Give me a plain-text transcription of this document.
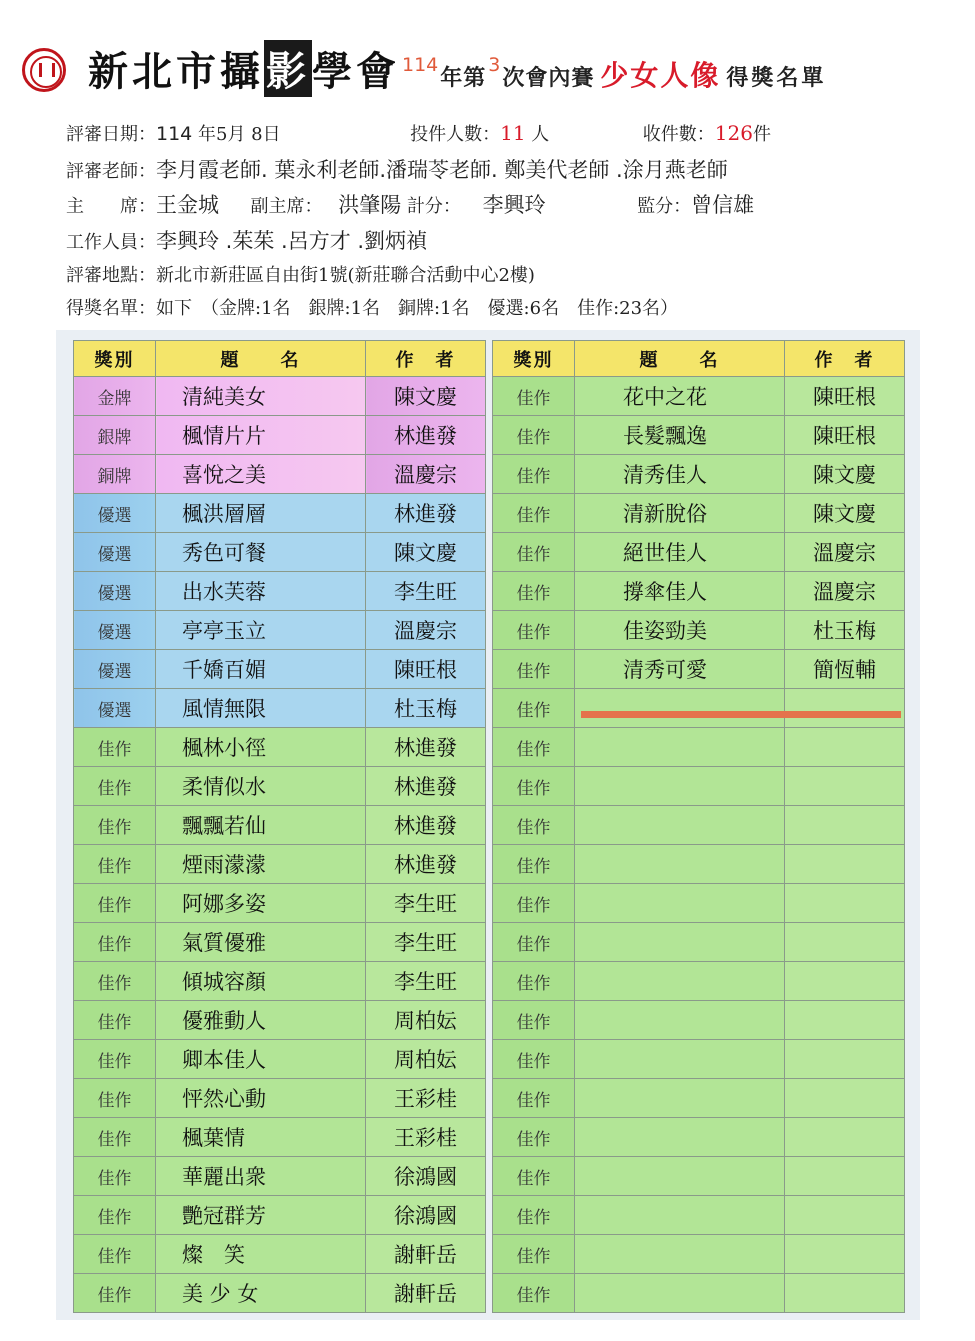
新北市攝影學會 114
年第
3
次會內賽 少女人像 得獎名單
評審日期：114 年5月 8日	投件人數：11 人	收件數：126件
評審老師：李月霞老師. 葉永利老師.潘瑞苓老師. 鄭美代老師 .涂月燕老師
主　　席：王金城 副主席： 洪肇陽 計分： 李興玲	監分：曾信雄
工作人員：李興玲 .茱茱 .呂方才 .劉炳禎
評審地點：新北市新莊區自由街1號(新莊聯合活動中心2樓)
得獎名單：如下　（金牌:1名　銀牌:1名　銅牌:1名　優選:6名　佳作:23名）
獎別	題　　名	作　者
金牌	清純美女	陳文慶
銀牌	楓情片片	林進發
銅牌	喜悅之美	溫慶宗
優選	楓洪層層	林進發
優選	秀色可餐	陳文慶
優選	出水芙蓉	李生旺
優選	亭亭玉立	溫慶宗
優選	千嬌百媚	陳旺根
優選	風情無限	杜玉梅
佳作	楓林小徑	林進發
佳作	柔情似水	林進發
佳作	飄飄若仙	林進發
佳作	煙雨濛濛	林進發
佳作	阿娜多姿	李生旺
佳作	氣質優雅	李生旺
佳作	傾城容顏	李生旺
佳作	優雅動人	周柏妘
佳作	卿本佳人	周柏妘
佳作	怦然心動	王彩桂
佳作	楓葉情	王彩桂
佳作	華麗出衆	徐鴻國
佳作	艷冠群芳	徐鴻國
佳作	燦　笑	謝軒岳
佳作	美 少 女	謝軒岳
獎別	題　　名	作　者
佳作	花中之花	陳旺根
佳作	長髮飄逸	陳旺根
佳作	清秀佳人	陳文慶
佳作	清新脫俗	陳文慶
佳作	絕世佳人	溫慶宗
佳作	撐傘佳人	溫慶宗
佳作	佳姿勁美	杜玉梅
佳作	清秀可愛	簡恆輔
佳作		
佳作		
佳作		
佳作		
佳作		
佳作		
佳作		
佳作		
佳作		
佳作		
佳作		
佳作		
佳作		
佳作		
佳作		
佳作		
